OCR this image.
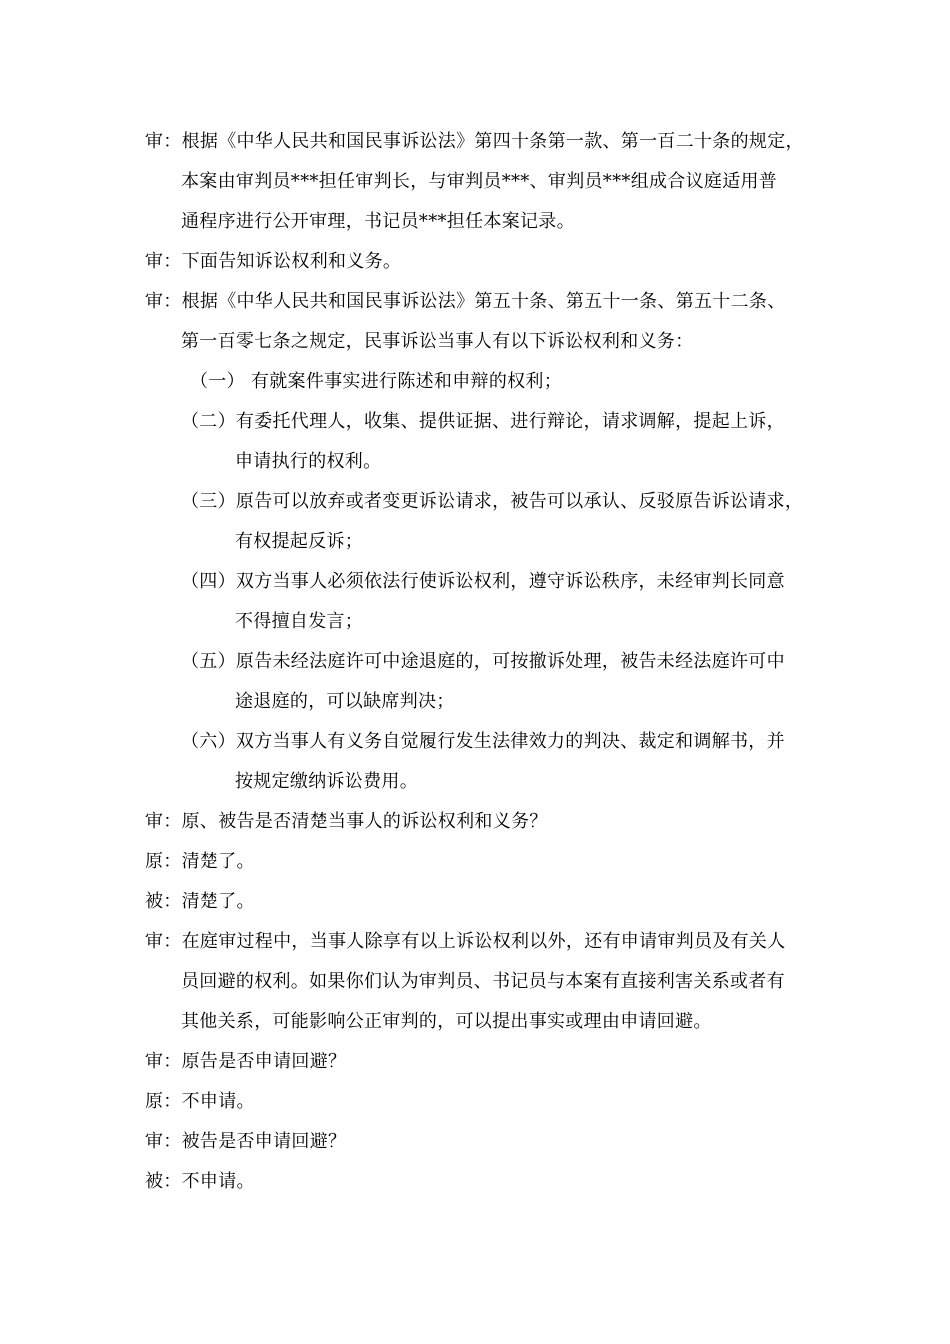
审：根据《中华人民共和国民事诉讼法》第四十条第一款、第一百二十条的规定，
本案由审判员***担任审判长，与审判员***、审判员***组成合议庭适用普
通程序进行公开审理，书记员***担任本案记录。
审：下面告知诉讼权利和义务。
审：根据《中华人民共和国民事诉讼法》第五十条、第五十一条、第五十二条、
第一百零七条之规定，民事诉讼当事人有以下诉讼权利和义务：
（一） 有就案件事实进行陈述和申辩的权利；
（二）有委托代理人，收集、提供证据、进行辩论，请求调解，提起上诉，
申请执行的权利。
（三）原告可以放弃或者变更诉讼请求，被告可以承认、反驳原告诉讼请求，
有权提起反诉；
（四）双方当事人必须依法行使诉讼权利，遵守诉讼秩序，未经审判长同意
不得擅自发言；
（五）原告未经法庭许可中途退庭的，可按撤诉处理，被告未经法庭许可中
途退庭的，可以缺席判决；
（六）双方当事人有义务自觉履行发生法律效力的判决、裁定和调解书，并
按规定缴纳诉讼费用。
审：原、被告是否清楚当事人的诉讼权利和义务？
原：清楚了。
被：清楚了。
审：在庭审过程中，当事人除享有以上诉讼权利以外，还有申请审判员及有关人
员回避的权利。如果你们认为审判员、书记员与本案有直接利害关系或者有
其他关系，可能影响公正审判的，可以提出事实或理由申请回避。
审：原告是否申请回避？
原：不申请。
审：被告是否申请回避？
被：不申请。
